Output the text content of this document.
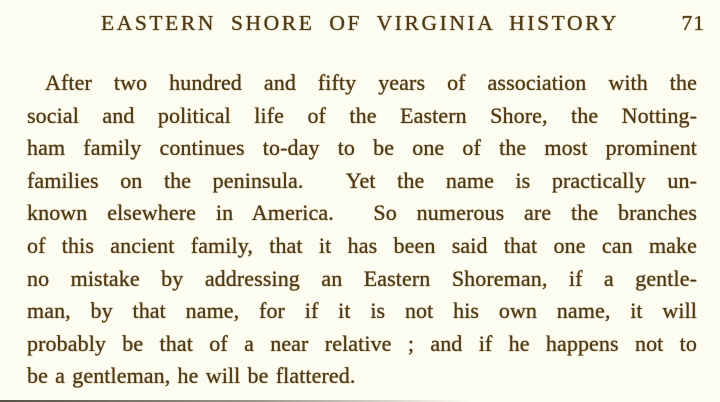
EASTERN SHORE OF VIRGINIA HISTORY	71
After two hundred and fifty years of association with the
social and political life of the Eastern Shore, the Notting-
ham family continues to-day to be one of the most prominent
families on the peninsula.  Yet the name is practically un-
known elsewhere in America.  So numerous are the branches
of this ancient family, that it has been said that one can make
no mistake by addressing an Eastern Shoreman, if a gentle-
man, by that name, for if it is not his own name, it will
probably be that of a near relative ; and if he happens not to
be a gentleman, he will be flattered.
